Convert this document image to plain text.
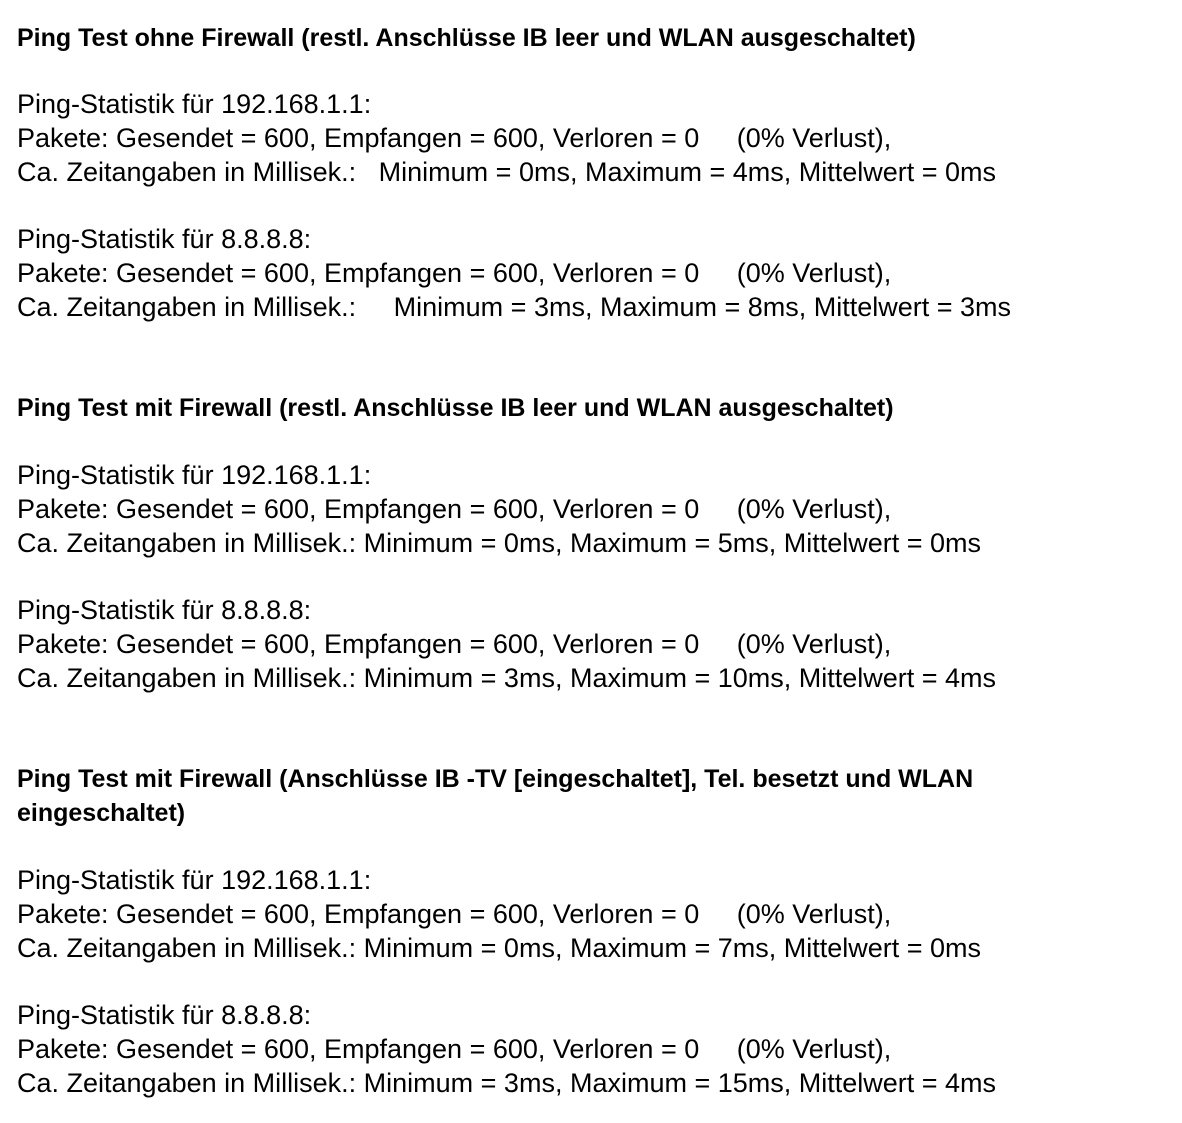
Ping Test ohne Firewall (restl. Anschlüsse IB leer und WLAN ausgeschaltet)

Ping-Statistik für 192.168.1.1:

Pakete: Gesendet = 600, Empfangen = 600, Verloren = 0     (0% Verlust),

Ca. Zeitangaben in Millisek.:   Minimum = 0ms, Maximum = 4ms, Mittelwert = 0ms

Ping-Statistik für 8.8.8.8:

Pakete: Gesendet = 600, Empfangen = 600, Verloren = 0     (0% Verlust),

Ca. Zeitangaben in Millisek.:     Minimum = 3ms, Maximum = 8ms, Mittelwert = 3ms

Ping Test mit Firewall (restl. Anschlüsse IB leer und WLAN ausgeschaltet)

Ping-Statistik für 192.168.1.1:

Pakete: Gesendet = 600, Empfangen = 600, Verloren = 0     (0% Verlust),

Ca. Zeitangaben in Millisek.: Minimum = 0ms, Maximum = 5ms, Mittelwert = 0ms

Ping-Statistik für 8.8.8.8:

Pakete: Gesendet = 600, Empfangen = 600, Verloren = 0     (0% Verlust),

Ca. Zeitangaben in Millisek.: Minimum = 3ms, Maximum = 10ms, Mittelwert = 4ms

Ping Test mit Firewall (Anschlüsse IB -TV [eingeschaltet], Tel. besetzt und WLAN
eingeschaltet)

Ping-Statistik für 192.168.1.1:

Pakete: Gesendet = 600, Empfangen = 600, Verloren = 0     (0% Verlust),

Ca. Zeitangaben in Millisek.: Minimum = 0ms, Maximum = 7ms, Mittelwert = 0ms

Ping-Statistik für 8.8.8.8:

Pakete: Gesendet = 600, Empfangen = 600, Verloren = 0     (0% Verlust),

Ca. Zeitangaben in Millisek.: Minimum = 3ms, Maximum = 15ms, Mittelwert = 4ms
